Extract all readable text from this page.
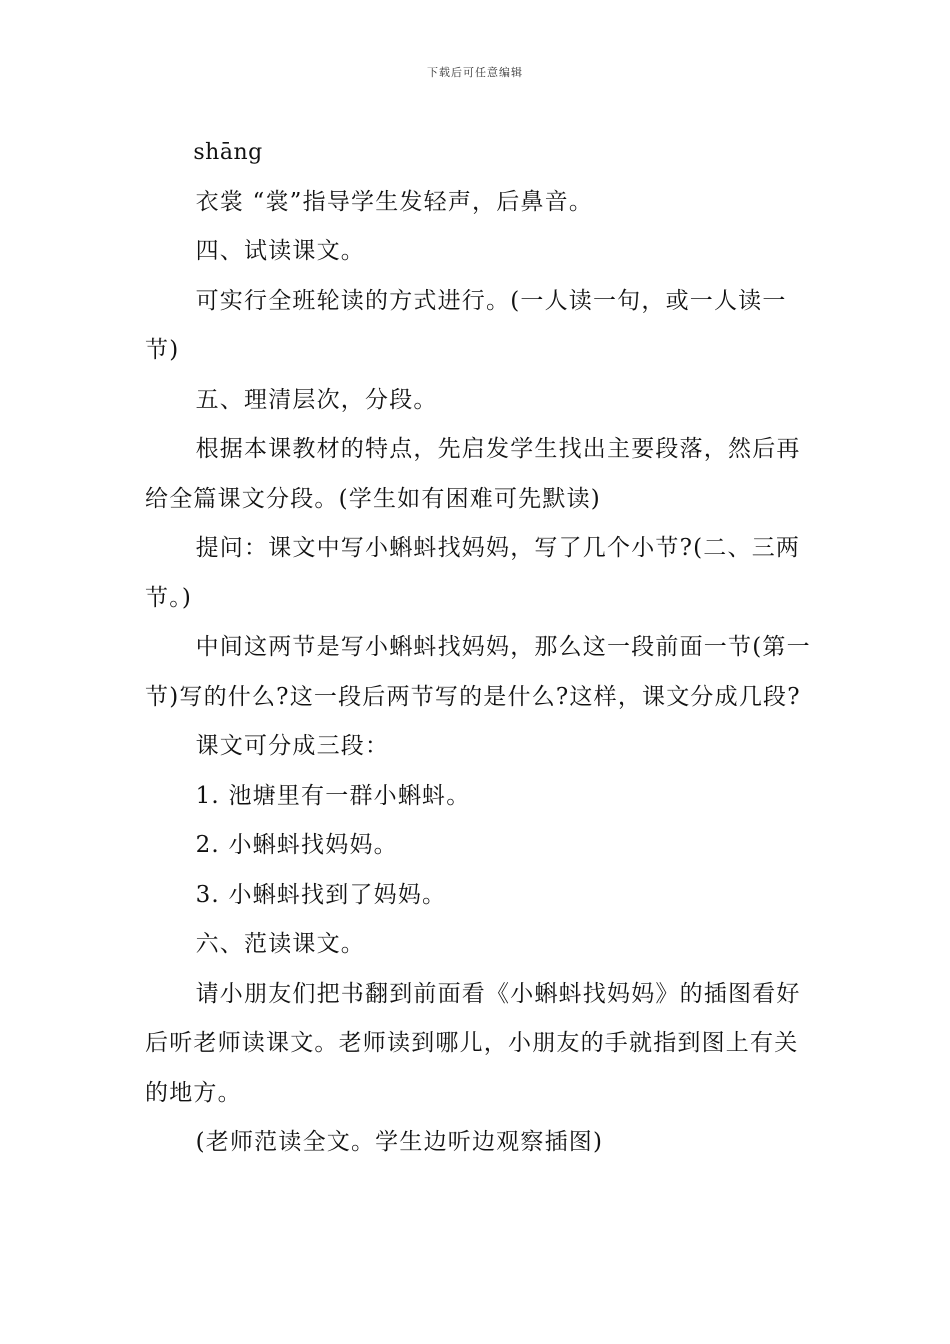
下载后可任意编辑

shāng

衣裳 “裳”指导学生发轻声，后鼻音。

四、试读课文。

可实行全班轮读的方式进行。(一人读一句，或一人读一节)

五、理清层次，分段。

根据本课教材的特点，先启发学生找出主要段落，然后再给全篇课文分段。(学生如有困难可先默读)

提问：课文中写小蝌蚪找妈妈，写了几个小节?(二、三两节。)

中间这两节是写小蝌蚪找妈妈，那么这一段前面一节(第一节)写的什么?这一段后两节写的是什么?这样，课文分成几段?

课文可分成三段：

1. 池塘里有一群小蝌蚪。

2. 小蝌蚪找妈妈。

3. 小蝌蚪找到了妈妈。

六、范读课文。

请小朋友们把书翻到前面看《小蝌蚪找妈妈》的插图看好后听老师读课文。老师读到哪儿，小朋友的手就指到图上有关的地方。

(老师范读全文。学生边听边观察插图)
